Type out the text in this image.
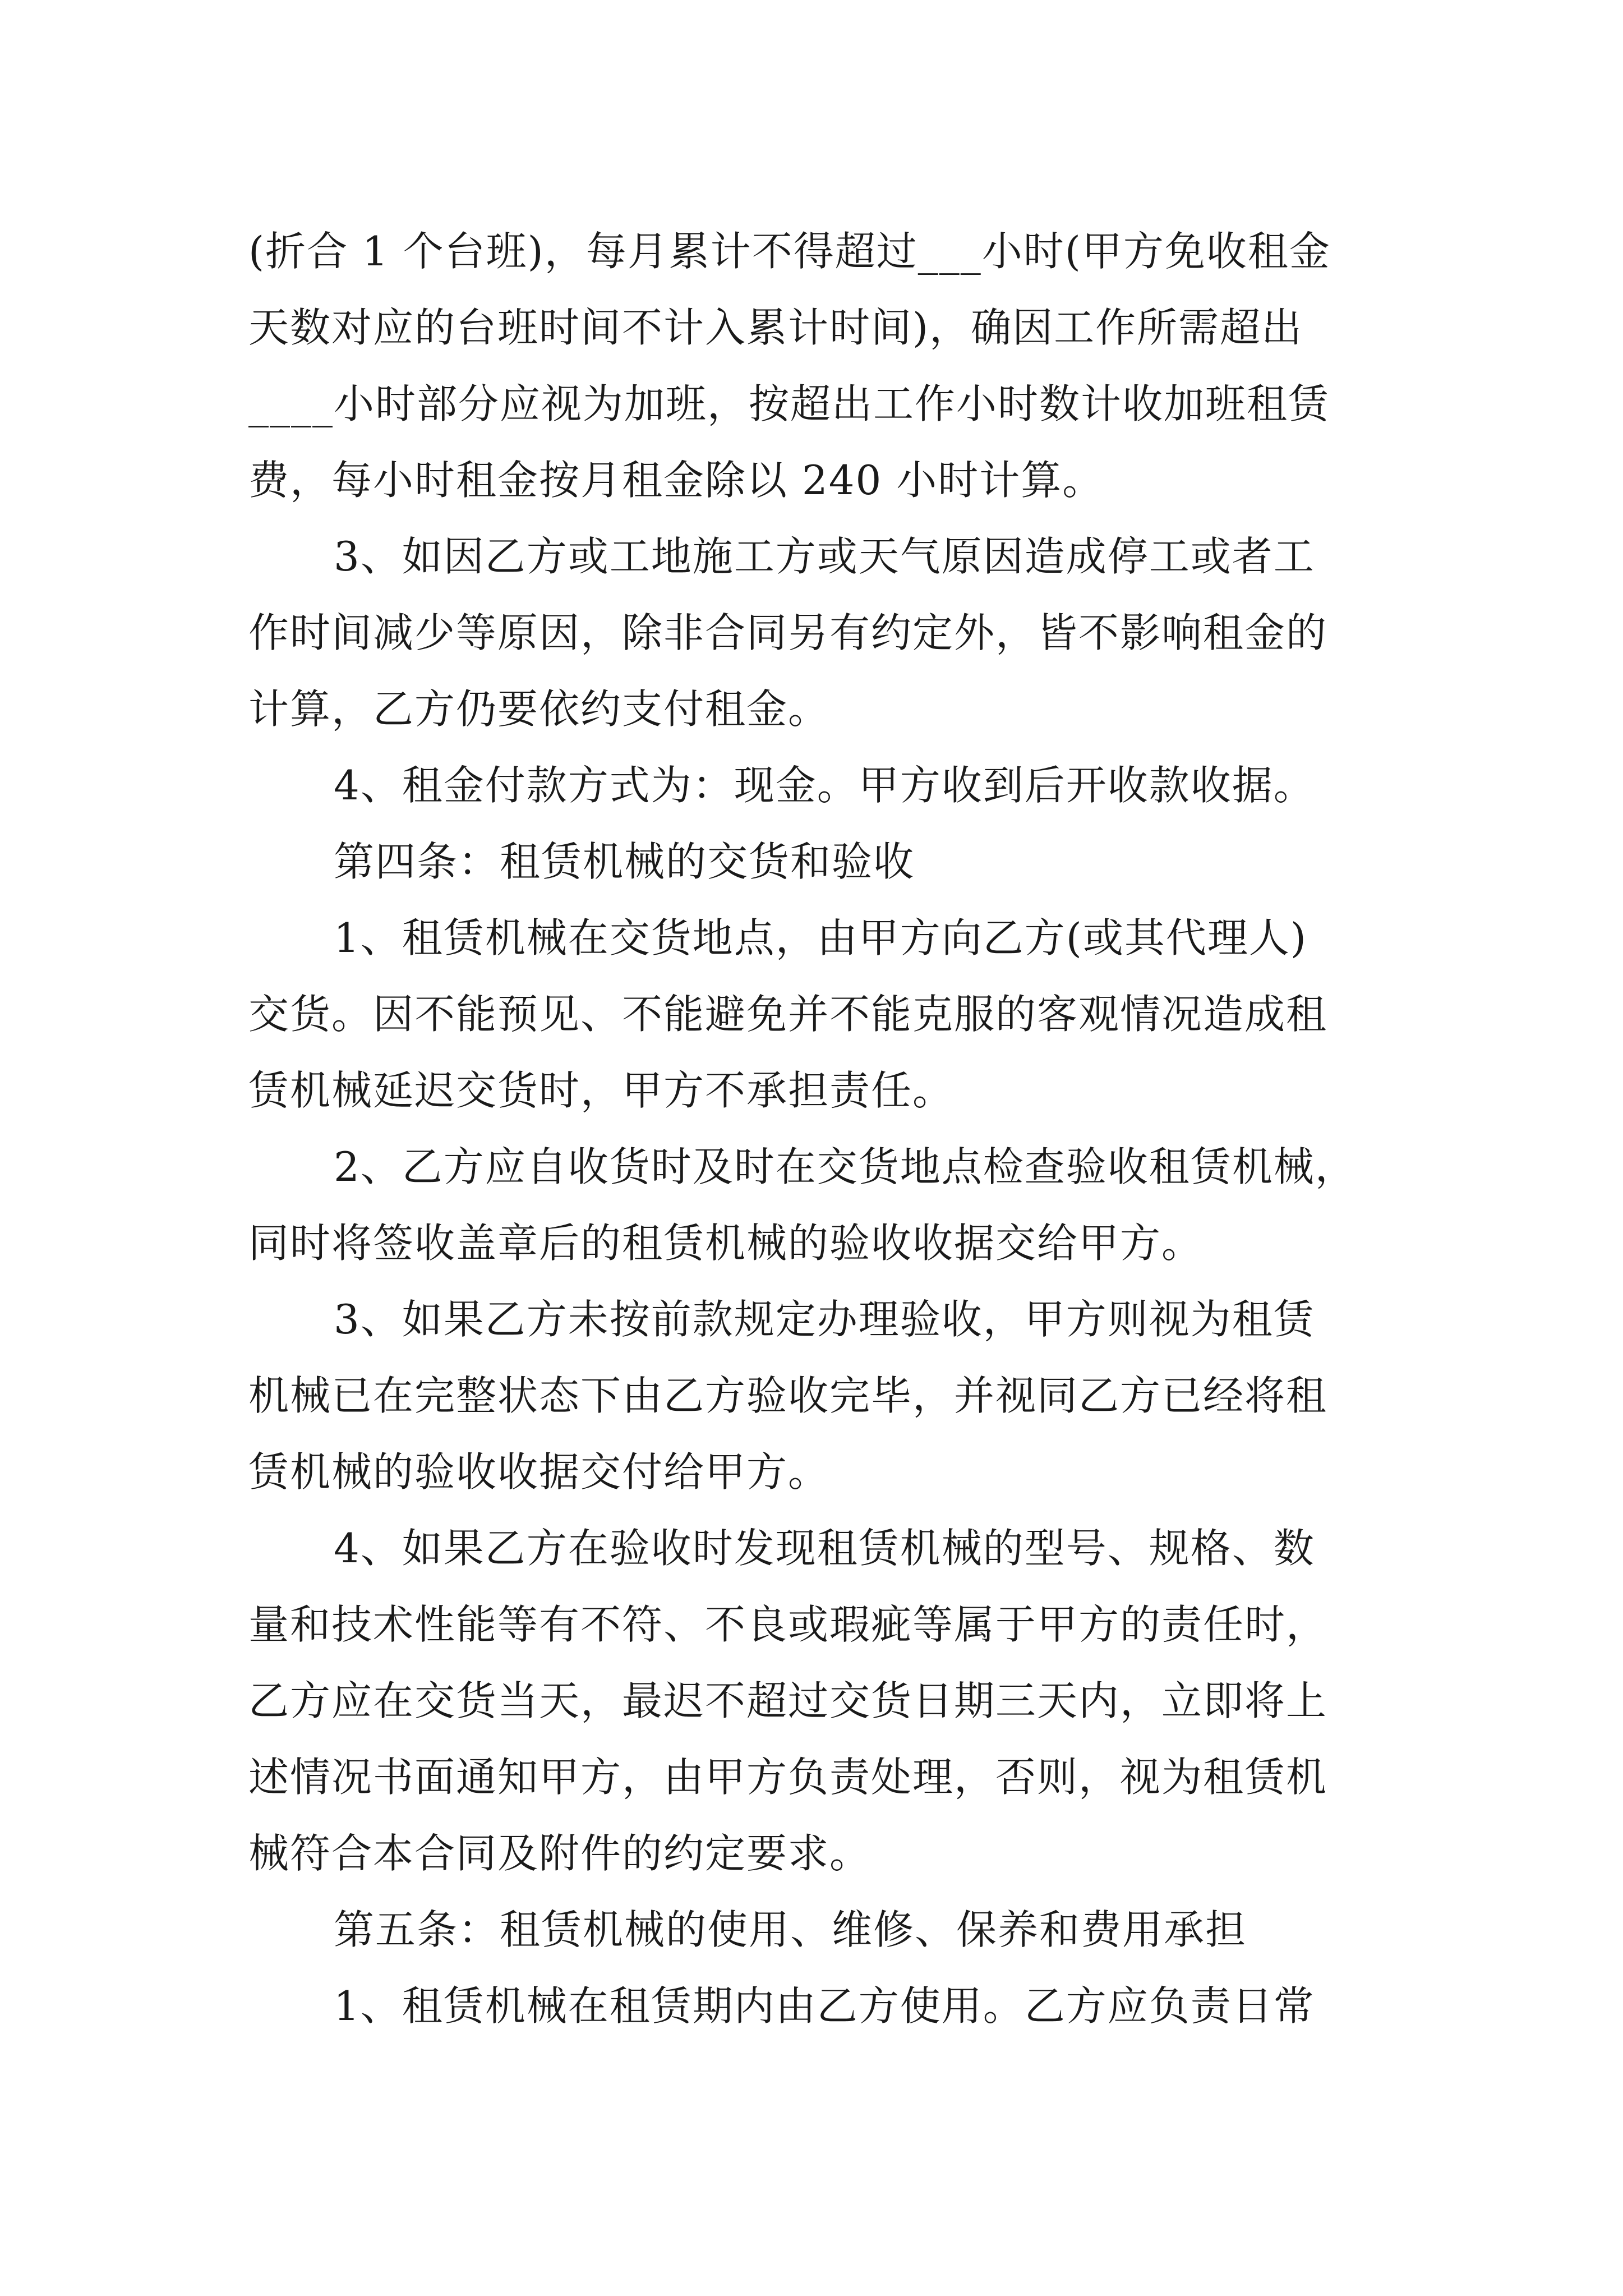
(折合 1 个台班)，每月累计不得超过___小时(甲方免收租金
天数对应的台班时间不计入累计时间)，确因工作所需超出
____小时部分应视为加班，按超出工作小时数计收加班租赁
费，每小时租金按月租金除以 240 小时计算。

3、如因乙方或工地施工方或天气原因造成停工或者工
作时间减少等原因，除非合同另有约定外，皆不影响租金的
计算，乙方仍要依约支付租金。

4、租金付款方式为：现金。甲方收到后开收款收据。

第四条：租赁机械的交货和验收

1、租赁机械在交货地点，由甲方向乙方(或其代理人)
交货。因不能预见、不能避免并不能克服的客观情况造成租
赁机械延迟交货时，甲方不承担责任。

2、乙方应自收货时及时在交货地点检查验收租赁机械，
同时将签收盖章后的租赁机械的验收收据交给甲方。

3、如果乙方未按前款规定办理验收，甲方则视为租赁
机械已在完整状态下由乙方验收完毕，并视同乙方已经将租
赁机械的验收收据交付给甲方。

4、如果乙方在验收时发现租赁机械的型号、规格、数
量和技术性能等有不符、不良或瑕疵等属于甲方的责任时，
乙方应在交货当天，最迟不超过交货日期三天内，立即将上
述情况书面通知甲方，由甲方负责处理，否则，视为租赁机
械符合本合同及附件的约定要求。

第五条：租赁机械的使用、维修、保养和费用承担

1、租赁机械在租赁期内由乙方使用。乙方应负责日常
